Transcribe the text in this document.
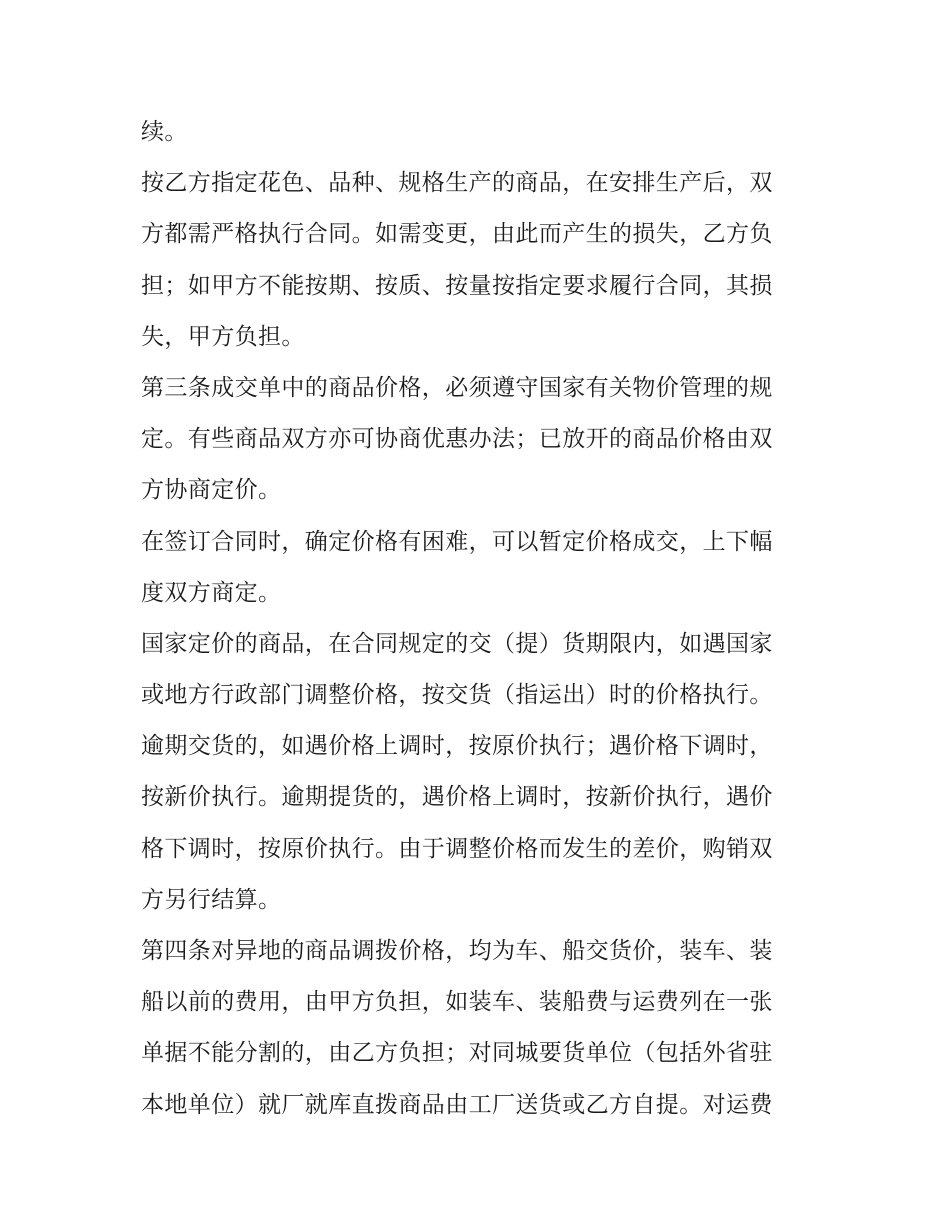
续。
按乙方指定花色、品种、规格生产的商品，在安排生产后，双
方都需严格执行合同。如需变更，由此而产生的损失，乙方负
担；如甲方不能按期、按质、按量按指定要求履行合同，其损
失，甲方负担。
第三条成交单中的商品价格，必须遵守国家有关物价管理的规
定。有些商品双方亦可协商优惠办法；已放开的商品价格由双
方协商定价。
在签订合同时，确定价格有困难，可以暂定价格成交，上下幅
度双方商定。
国家定价的商品，在合同规定的交（提）货期限内，如遇国家
或地方行政部门调整价格，按交货（指运出）时的价格执行。
逾期交货的，如遇价格上调时，按原价执行；遇价格下调时，
按新价执行。逾期提货的，遇价格上调时，按新价执行，遇价
格下调时，按原价执行。由于调整价格而发生的差价，购销双
方另行结算。
第四条对异地的商品调拨价格，均为车、船交货价，装车、装
船以前的费用，由甲方负担，如装车、装船费与运费列在一张
单据不能分割的，由乙方负担；对同城要货单位（包括外省驻
本地单位）就厂就库直拨商品由工厂送货或乙方自提。对运费
